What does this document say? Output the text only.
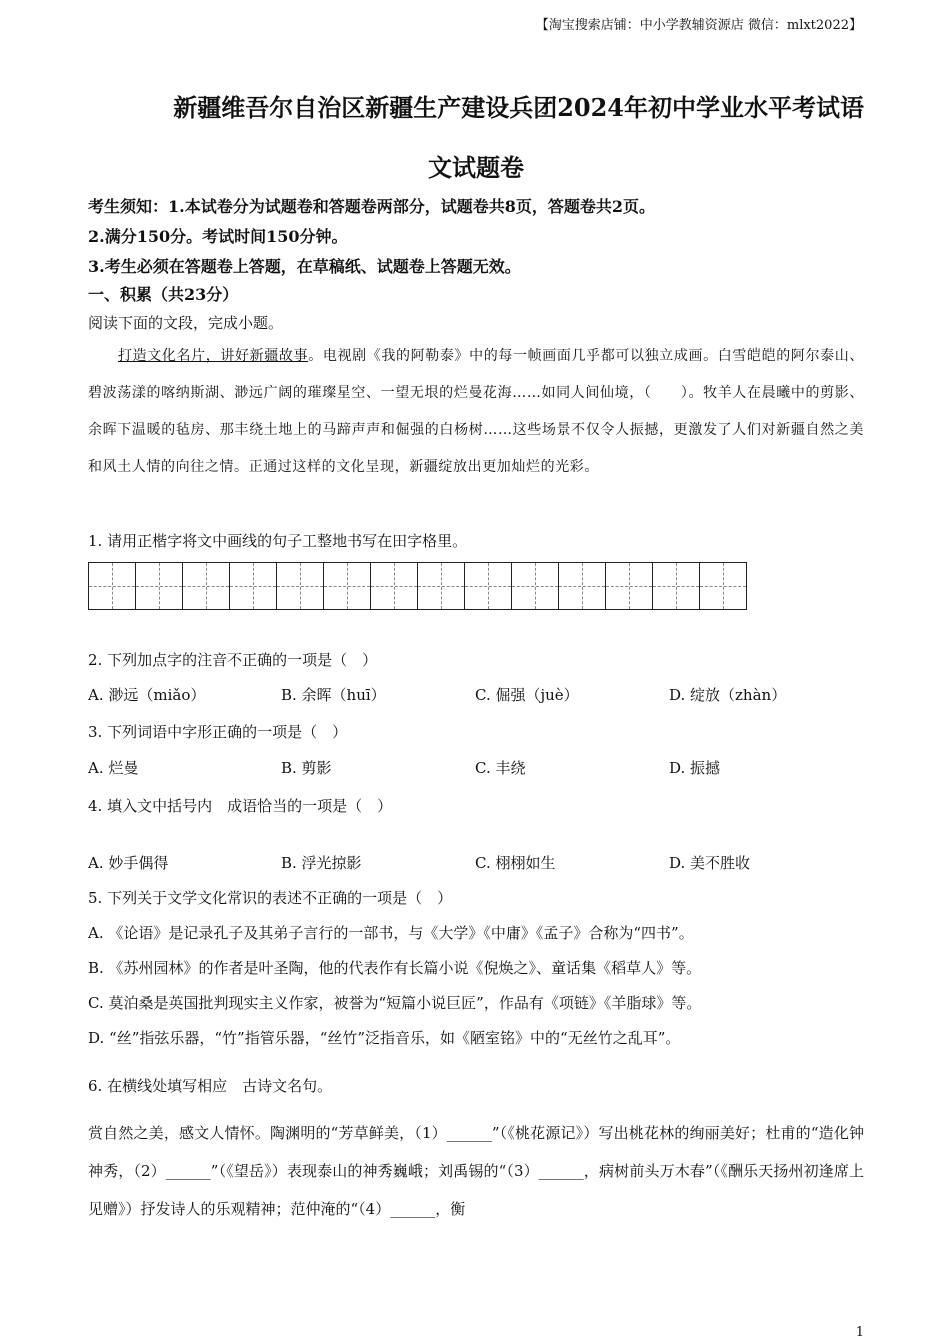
【淘宝搜索店铺：中小学教辅资源店 微信：mlxt2022】
新疆维吾尔自治区新疆生产建设兵团2024年初中学业水平考试语
文试题卷
考生须知：1.本试卷分为试题卷和答题卷两部分，试题卷共8页，答题卷共2页。
2.满分150分。考试时间150分钟。
3.考生必须在答题卷上答题，在草稿纸、试题卷上答题无效。
一、积累（共23分）
阅读下面的文段，完成小题。
打造文化名片，讲好新疆故事。电视剧《我的阿勒泰》中的每一帧画面几乎都可以独立成画。白雪皑皑的阿尔泰山、碧波荡漾的喀纳斯湖、渺远广阔的璀璨星空、一望无垠的烂曼花海……如同人间仙境，（　　）。牧羊人在晨曦中的剪影、余晖下温暖的毡房、那丰绕土地上的马蹄声声和倔强的白杨树……这些场景不仅令人振撼，更激发了人们对新疆自然之美和风土人情的向往之情。正通过这样的文化呈现，新疆绽放出更加灿烂的光彩。
1. 请用正楷字将文中画线的句子工整地书写在田字格里。
2. 下列加点字的注音不正确的一项是（　）
A. 渺远（miǎo）	B. 余晖（huī）	C. 倔强（juè）	D. 绽放（zhàn）
3. 下列词语中字形正确的一项是（　）
A. 烂曼	B. 剪影	C. 丰绕	D. 振撼
4. 填入文中括号内　成语恰当的一项是（　）
A. 妙手偶得	B. 浮光掠影	C. 栩栩如生	D. 美不胜收
5. 下列关于文学文化常识的表述不正确的一项是（　）
A. 《论语》是记录孔子及其弟子言行的一部书，与《大学》《中庸》《孟子》合称为“四书”。
B. 《苏州园林》的作者是叶圣陶，他的代表作有长篇小说《倪焕之》、童话集《稻草人》等。
C. 莫泊桑是英国批判现实主义作家，被誉为“短篇小说巨匠”，作品有《项链》《羊脂球》等。
D. “丝”指弦乐器，“竹”指管乐器，“丝竹”泛指音乐，如《陋室铭》中的“无丝竹之乱耳”。
6. 在横线处填写相应　古诗文名句。
赏自然之美，感文人情怀。陶渊明的“芳草鲜美，（1）______”（《桃花源记》）写出桃花林的绚丽美好；杜甫的“造化钟神秀，（2）______”（《望岳》）表现泰山的神秀巍峨；刘禹锡的“（3）______，病树前头万木春”（《酬乐天扬州初逢席上见赠》）抒发诗人的乐观精神；范仲淹的“（4）______，衡
1
